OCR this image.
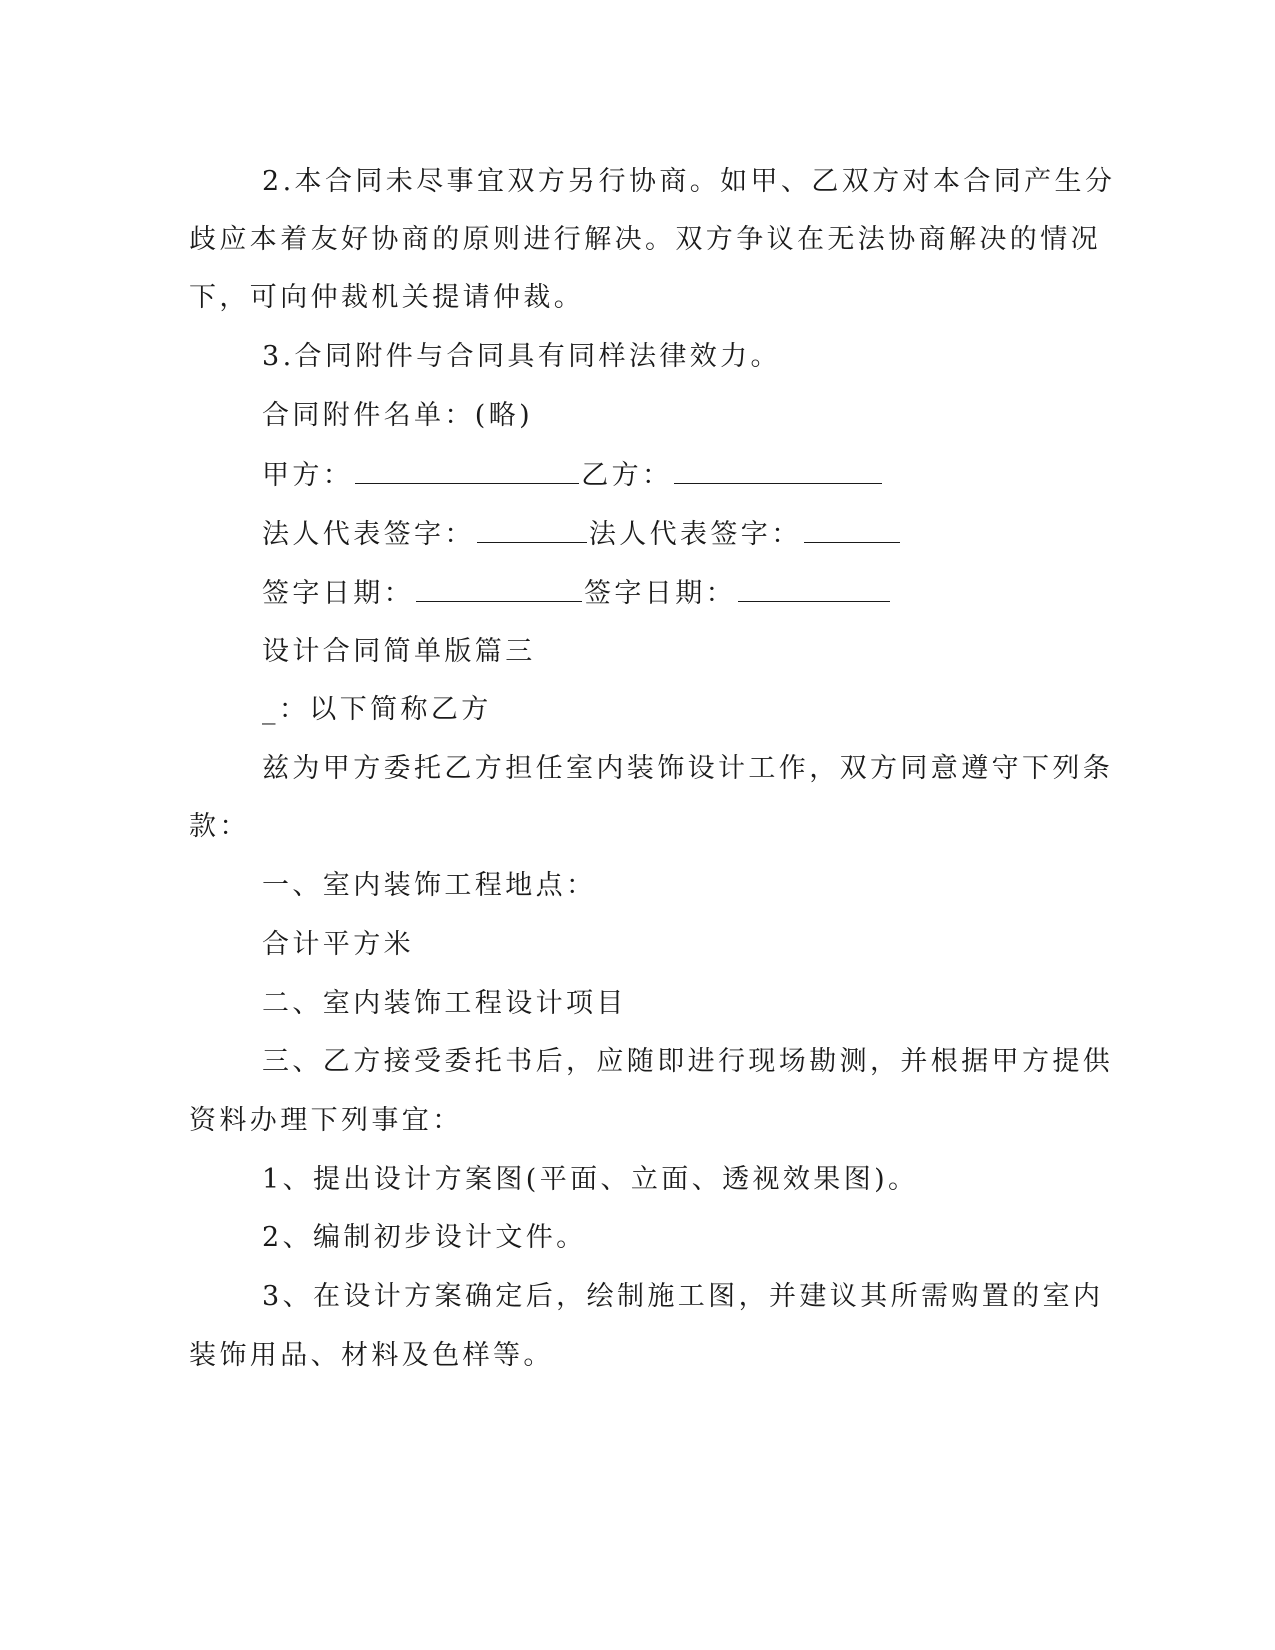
2.本合同未尽事宜双方另行协商。如甲、乙双方对本合同产生分
歧应本着友好协商的原则进行解决。双方争议在无法协商解决的情况
下，可向仲裁机关提请仲裁。
3.合同附件与合同具有同样法律效力。
合同附件名单：(略)
甲方：	乙方：
法人代表签字：	法人代表签字：
签字日期：	签字日期：
设计合同简单版篇三
_：以下简称乙方
兹为甲方委托乙方担任室内装饰设计工作，双方同意遵守下列条
款：
一、室内装饰工程地点：
合计平方米
二、室内装饰工程设计项目
三、乙方接受委托书后，应随即进行现场勘测，并根据甲方提供
资料办理下列事宜：
1、提出设计方案图(平面、立面、透视效果图)。
2、编制初步设计文件。
3、在设计方案确定后，绘制施工图，并建议其所需购置的室内
装饰用品、材料及色样等。
